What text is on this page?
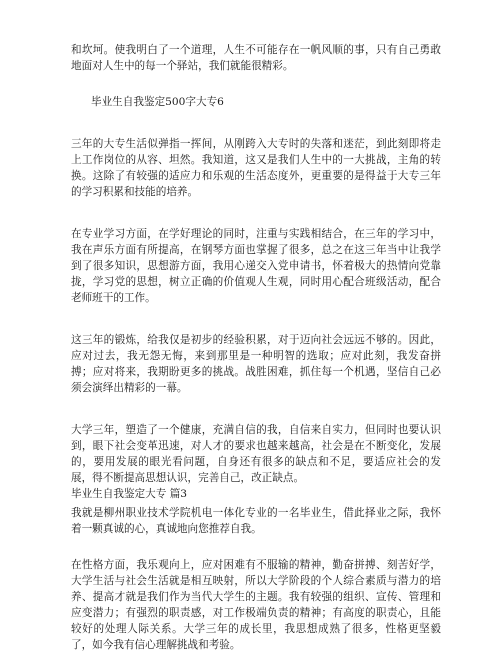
和坎坷。使我明白了一个道理，人生不可能存在一帆风顺的事，只有自己勇敢地面对人生中的每一个驿站，我们就能很精彩。

毕业生自我鉴定500字大专6

三年的大专生活似弹指一挥间，从刚跨入大专时的失落和迷茫，到此刻即将走上工作岗位的从容、坦然。我知道，这又是我们人生中的一大挑战，主角的转换。这除了有较强的适应力和乐观的生活态度外，更重要的是得益于大专三年的学习积累和技能的培养。

在专业学习方面，在学好理论的同时，注重与实践相结合，在三年的学习中，我在声乐方面有所提高，在钢琴方面也掌握了很多，总之在这三年当中让我学到了很多知识，思想游方面，我用心递交入党申请书，怀着极大的热情向党靠拢，学习党的思想，树立正确的价值观人生观，同时用心配合班级活动，配合老师班干的工作。

这三年的锻炼，给我仅是初步的经验积累，对于迈向社会远远不够的。因此，应对过去，我无怨无悔，来到那里是一种明智的选取；应对此刻，我发奋拼搏；应对将来，我期盼更多的挑战。战胜困难，抓住每一个机遇，坚信自己必须会演绎出精彩的一幕。

大学三年，塑造了一个健康，充满自信的我，自信来自实力，但同时也要认识到，眼下社会变革迅速，对人才的要求也越来越高，社会是在不断变化，发展的，要用发展的眼光看问题，自身还有很多的缺点和不足，要适应社会的发展，得不断提高思想认识，完善自己，改正缺点。

毕业生自我鉴定大专 篇3

我就是柳州职业技术学院机电一体化专业的一名毕业生，借此择业之际，我怀着一颗真诚的心，真诚地向您推荐自我。

在性格方面，我乐观向上，应对困难有不服输的精神，勤奋拼搏、刻苦好学，大学生活与社会生活就是相互映射，所以大学阶段的个人综合素质与潜力的培养、提高才就是我们作为当代大学生的主题。我有较强的组织、宣传、管理和应变潜力；有强烈的职责感，对工作极端负责的精神；有高度的职责心，且能较好的处理人际关系。大学三年的成长里，我思想成熟了很多，性格更坚毅了，如今我有信心理解挑战和考验。
